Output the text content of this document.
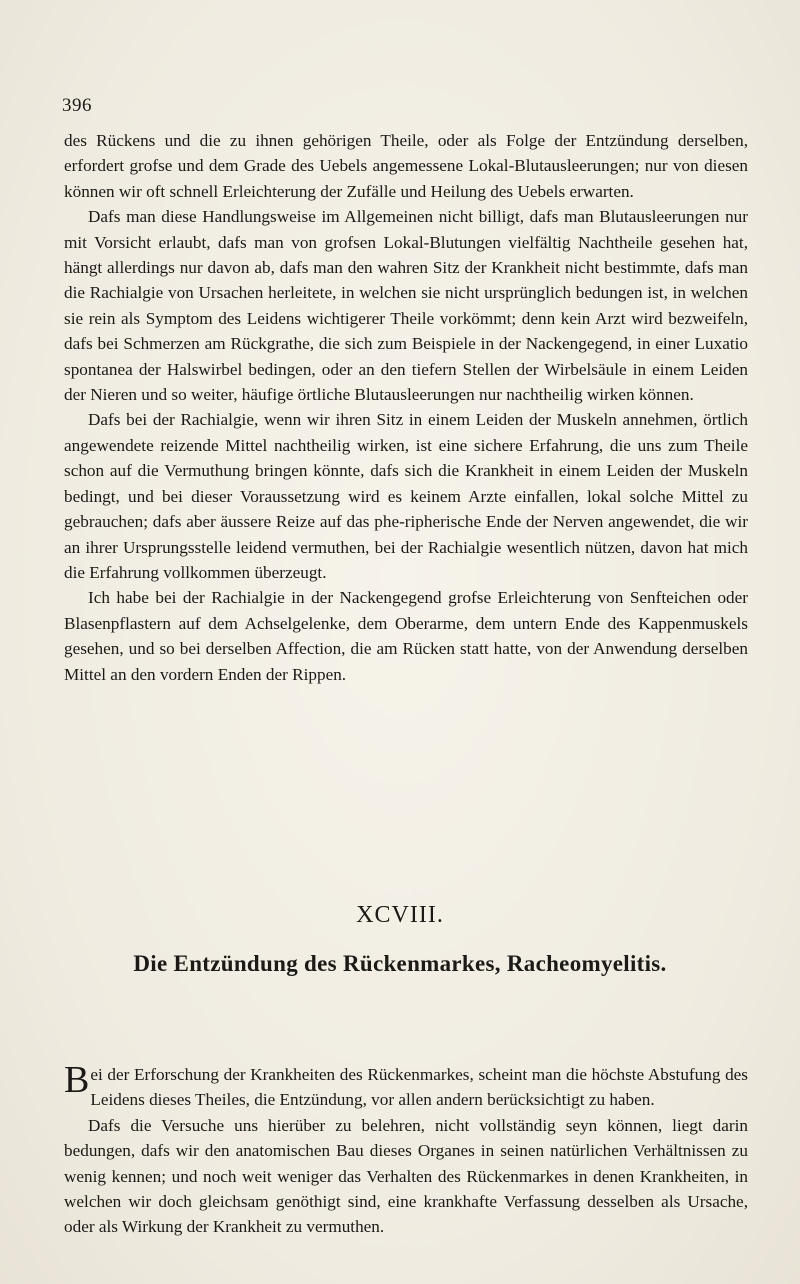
396

des Rückens und die zu ihnen gehörigen Theile, oder als Folge der Entzündung derselben, erfordert grofse und dem Grade des Uebels angemessene Lokal-Blutausleerungen; nur von diesen können wir oft schnell Erleichterung der Zufälle und Heilung des Uebels erwarten.

Dafs man diese Handlungsweise im Allgemeinen nicht billigt, dafs man Blutausleerungen nur mit Vorsicht erlaubt, dafs man von grofsen Lokal-Blutungen vielfältig Nachtheile gesehen hat, hängt allerdings nur davon ab, dafs man den wahren Sitz der Krankheit nicht bestimmte, dafs man die Rachialgie von Ursachen herleitete, in welchen sie nicht ursprünglich bedungen ist, in welchen sie rein als Symptom des Leidens wichtigerer Theile vorkömmt; denn kein Arzt wird bezweifeln, dafs bei Schmerzen am Rückgrathe, die sich zum Beispiele in der Nackengegend, in einer Luxatio spontanea der Halswirbel bedingen, oder an den tiefern Stellen der Wirbelsäule in einem Leiden der Nieren und so weiter, häufige örtliche Blutausleerungen nur nachtheilig wirken können.

Dafs bei der Rachialgie, wenn wir ihren Sitz in einem Leiden der Muskeln annehmen, örtlich angewendete reizende Mittel nachtheilig wirken, ist eine sichere Erfahrung, die uns zum Theile schon auf die Vermuthung bringen könnte, dafs sich die Krankheit in einem Leiden der Muskeln bedingt, und bei dieser Voraussetzung wird es keinem Arzte einfallen, lokal solche Mittel zu gebrauchen; dafs aber äussere Reize auf das phe-ripherische Ende der Nerven angewendet, die wir an ihrer Ursprungsstelle leidend vermuthen, bei der Rachialgie wesentlich nützen, davon hat mich die Erfahrung vollkommen überzeugt.

Ich habe bei der Rachialgie in der Nackengegend grofse Erleichterung von Senfteichen oder Blasenpflastern auf dem Achselgelenke, dem Oberarme, dem untern Ende des Kappenmuskels gesehen, und so bei derselben Affection, die am Rücken statt hatte, von der Anwendung derselben Mittel an den vordern Enden der Rippen.

XCVIII.
Die Entzündung des Rückenmarkes, Racheomyelitis.

Bei der Erforschung der Krankheiten des Rückenmarkes, scheint man die höchste Abstufung des Leidens dieses Theiles, die Entzündung, vor allen andern berücksichtigt zu haben.

Dafs die Versuche uns hierüber zu belehren, nicht vollständig seyn können, liegt darin bedungen, dafs wir den anatomischen Bau dieses Organes in seinen natürlichen Verhältnissen zu wenig kennen; und noch weit weniger das Verhalten des Rückenmarkes in denen Krankheiten, in welchen wir doch gleichsam genöthigt sind, eine krankhafte Verfassung desselben als Ursache, oder als Wirkung der Krankheit zu vermuthen.
